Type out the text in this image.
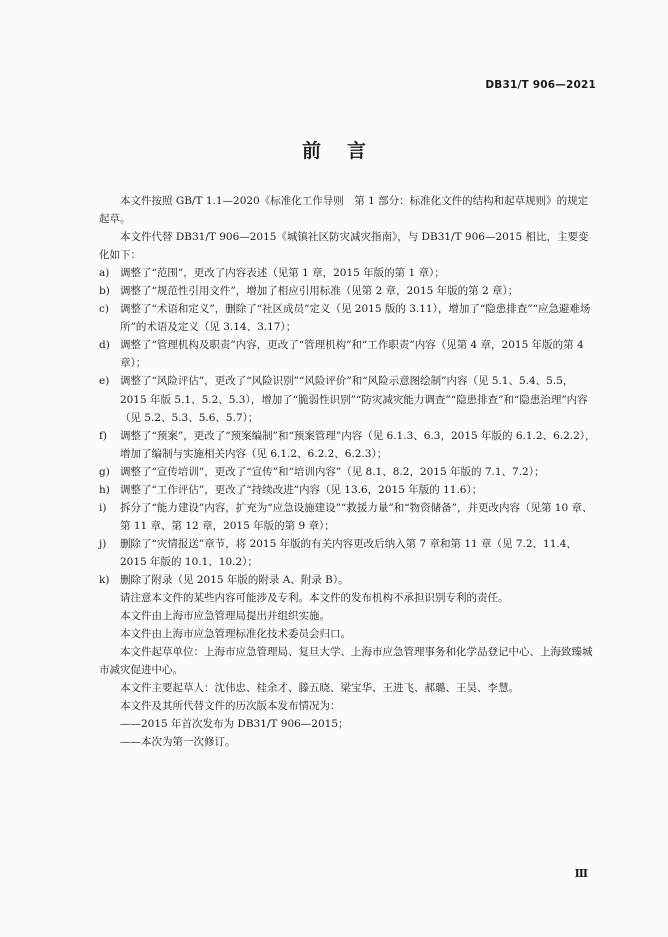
DB31/T 906—2021
前言
本文件按照 GB/T 1.1—2020《标准化工作导则　第 1 部分：标准化文件的结构和起草规则》的规定起草。
本文件代替 DB31/T 906—2015《城镇社区防灾减灾指南》，与 DB31/T 906—2015 相比，主要变化如下：
a) 调整了“范围”，更改了内容表述（见第 1 章，2015 年版的第 1 章）；
b) 调整了“规范性引用文件”，增加了相应引用标准（见第 2 章，2015 年版的第 2 章）；
c) 调整了“术语和定义”，删除了“社区成员”定义（见 2015 版的 3.11），增加了“隐患排查”“应急避难场所”的术语及定义（见 3.14、3.17）；
d) 调整了“管理机构及职责”内容，更改了“管理机构”和“工作职责”内容（见第 4 章，2015 年版的第 4 章）；
e) 调整了“风险评估”，更改了“风险识别”“风险评价”和“风险示意图绘制”内容（见 5.1、5.4、5.5，2015 年版 5.1、5.2、5.3），增加了“脆弱性识别”“防灾减灾能力调查”“隐患排查”和“隐患治理”内容（见 5.2、5.3、5.6、5.7）；
f) 调整了“预案”，更改了“预案编制”和“预案管理”内容（见 6.1.3、6.3，2015 年版的 6.1.2、6.2.2），增加了编制与实施相关内容（见 6.1.2、6.2.2、6.2.3）；
g) 调整了“宣传培训”，更改了“宣传”和“培训内容”（见 8.1、8.2，2015 年版的 7.1、7.2）；
h) 调整了“工作评估”，更改了“持续改进”内容（见 13.6，2015 年版的 11.6）；
i) 拆分了“能力建设”内容，扩充为“应急设施建设”“救援力量”和“物资储备”，并更改内容（见第 10 章、第 11 章、第 12 章，2015 年版的第 9 章）；
j) 删除了“灾情报送”章节，将 2015 年版的有关内容更改后纳入第 7 章和第 11 章（见 7.2、11.4，2015 年版的 10.1、10.2）；
k) 删除了附录（见 2015 年版的附录 A、附录 B）。
请注意本文件的某些内容可能涉及专利。本文件的发布机构不承担识别专利的责任。
本文件由上海市应急管理局提出并组织实施。
本文件由上海市应急管理标准化技术委员会归口。
本文件起草单位：上海市应急管理局、复旦大学、上海市应急管理事务和化学品登记中心、上海致臻城市减灾促进中心。
本文件主要起草人：沈伟忠、桂余才、滕五晓、梁宝华、王进飞、郝璐、王昊、李慧。
本文件及其所代替文件的历次版本发布情况为：
——2015 年首次发布为 DB31/T 906—2015；
——本次为第一次修订。
Ⅲ
